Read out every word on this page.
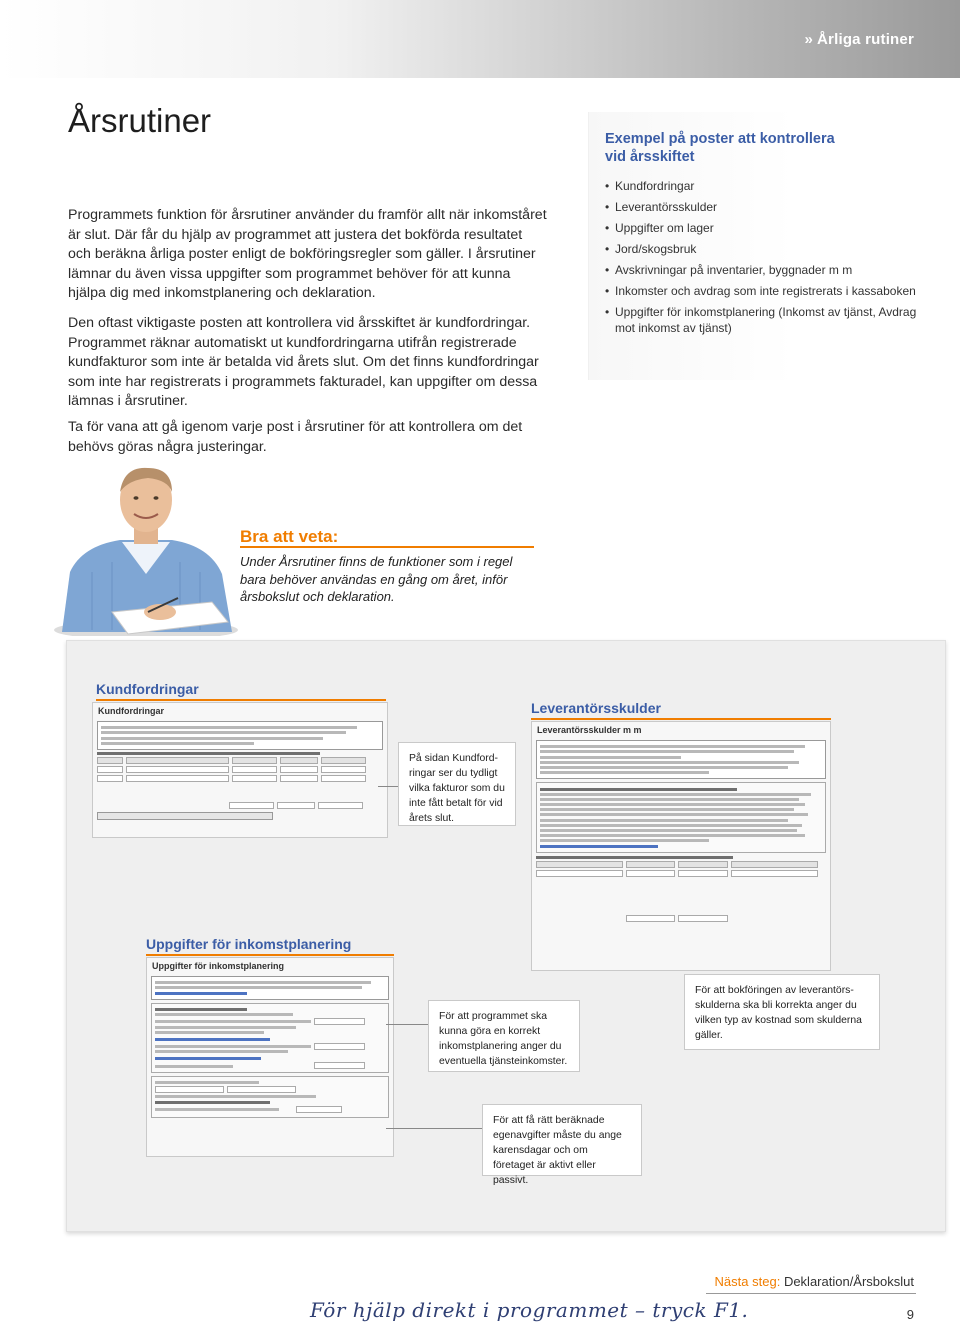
» Årliga rutiner
Årsrutiner

Programmets funktion för årsrutiner använder du framför allt när inkomståret är slut. Där får du hjälp av programmet att justera det bokförda resultatet och beräkna årliga poster enligt de bokföringsregler som gäller. I årsrutiner lämnar du även vissa uppgifter som programmet behöver för att kunna hjälpa dig med inkomstplanering och deklaration.

Den oftast viktigaste posten att kontrollera vid årsskiftet är kundfordringar. Programmet räknar automatiskt ut kundfordringarna utifrån registrerade kundfakturor som inte är betalda vid årets slut. Om det finns kundfordringar som inte har registrerats i programmets fakturadel, kan uppgifter om dessa lämnas i årsrutiner.

Ta för vana att gå igenom varje post i årsrutiner för att kontrollera om det behövs göras några justeringar.

Exempel på poster att kontrollera vid årsskiftet
• Kundfordringar
• Leverantörsskulder
• Uppgifter om lager
• Jord/skogsbruk
• Avskrivningar på inventarier, byggnader m m
• Inkomster och avdrag som inte registrerats i kassaboken
• Uppgifter för inkomstplanering (Inkomst av tjänst, Avdrag mot inkomst av tjänst)
Bra att veta:

Under Årsrutiner finns de funktioner som i regel bara behöver användas en gång om året, inför årsbokslut och deklaration.

Kundfordringar
Kundfordringar
På sidan Kundfordringar ser du tydligt vilka fakturor som du inte fått betalt för vid årets slut.
Leverantörsskulder
Leverantörsskulder m m
För att bokföringen av leverantörsskulderna ska bli korrekta anger du vilken typ av kostnad som skulderna gäller.
Uppgifter för inkomstplanering
Uppgifter för inkomstplanering
För att programmet ska kunna göra en korrekt inkomstplanering anger du eventuella tjänsteinkomster.
För att få rätt beräknade egenavgifter måste du ange karensdagar och om företaget är aktivt eller passivt.
Nästa steg: Deklaration/Årsbokslut
För hjälp direkt i programmet – tryck F1.	9
